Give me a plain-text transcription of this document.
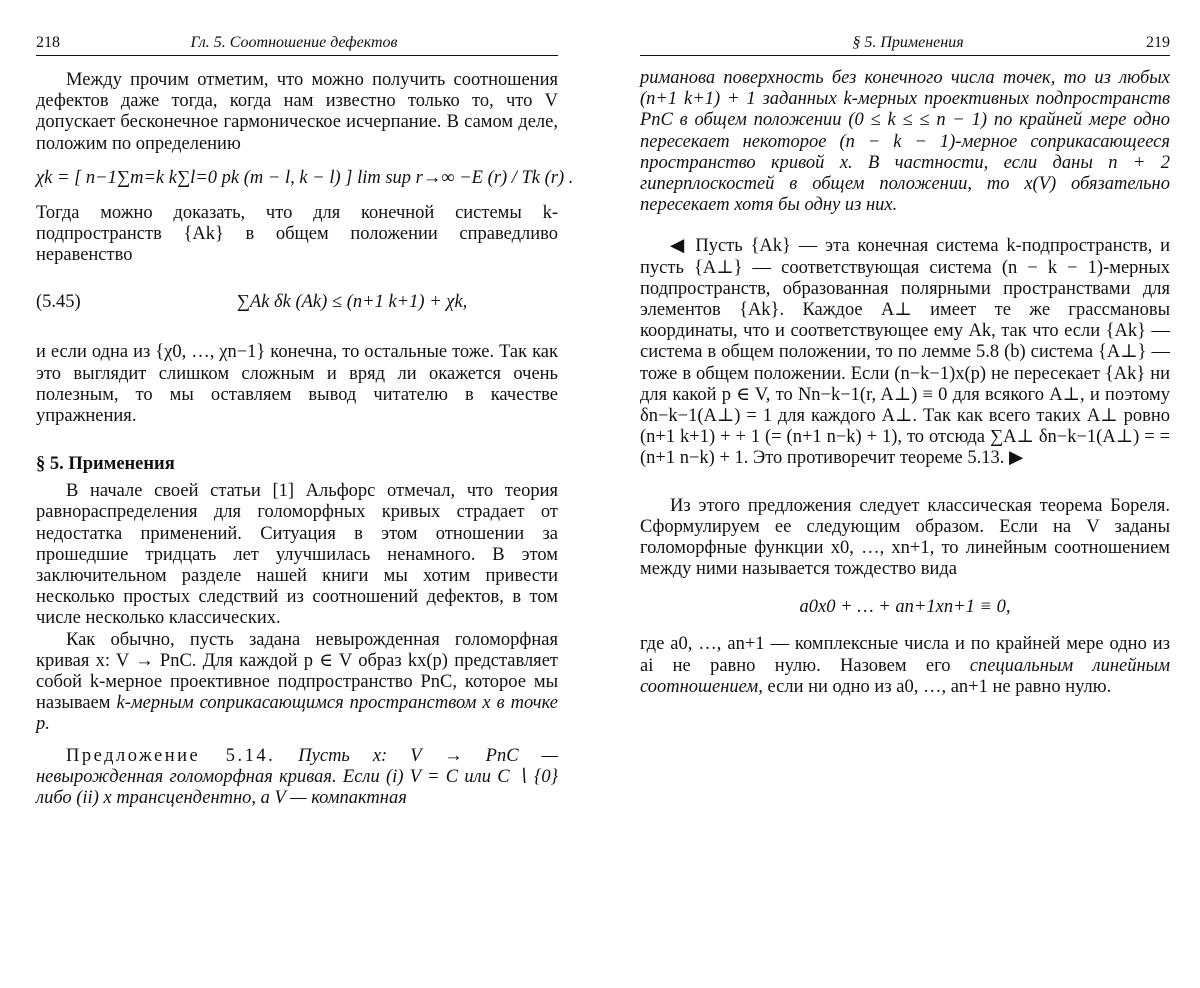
218	Гл. 5. Соотношение дефектов

Между прочим отметим, что можно получить соотношения дефектов даже тогда, когда нам известно только то, что V допускает бесконечное гармоническое исчерпание. В самом деле, положим по определению

χk = [ n−1∑m=k k∑l=0 pk (m − l, k − l) ] lim sup r→∞ −E (r) / Tk (r) .

Тогда можно доказать, что для конечной системы k-подпространств {Ak} в общем положении справедливо неравенство

(5.45)	∑Ak δk (Ak) ≤ (n+1 k+1) + χk,

и если одна из {χ0, …, χn−1} конечна, то остальные тоже. Так как это выглядит слишком сложным и вряд ли окажется очень полезным, то мы оставляем вывод читателю в качестве упражнения.

§ 5. Применения

В начале своей статьи [1] Альфорс отмечал, что теория равнораспределения для голоморфных кривых страдает от недостатка применений. Ситуация в этом отношении за прошедшие тридцать лет улучшилась ненамного. В этом заключительном разделе нашей книги мы хотим привести несколько простых следствий из соотношений дефектов, в том числе несколько классических.

Как обычно, пусть задана невырожденная голоморфная кривая x: V → PnC. Для каждой p ∈ V образ kx(p) представляет собой k-мерное проективное подпространство PnC, которое мы называем k-мерным соприкасающимся пространством x в точке p.

Предложение 5.14. Пусть x: V → PnC — невырожденная голоморфная кривая. Если (i) V = C или C ∖ {0} либо (ii) x трансцендентно, а V — компактная

§ 5. Применения	219

риманова поверхность без конечного числа точек, то из любых (n+1 k+1) + 1 заданных k-мерных проективных подпространств PnC в общем положении (0 ≤ k ≤ ≤ n − 1) по крайней мере одно пересекает некоторое (n − k − 1)-мерное соприкасающееся пространство кривой x. В частности, если даны n + 2 гиперплоскостей в общем положении, то x(V) обязательно пересекает хотя бы одну из них.

◀ Пусть {Ak} — эта конечная система k-подпространств, и пусть {A⊥} — соответствующая система (n − k − 1)-мерных подпространств, образованная полярными пространствами для элементов {Ak}. Каждое A⊥ имеет те же грассмановы координаты, что и соответствующее ему Ak, так что если {Ak} — система в общем положении, то по лемме 5.8 (b) система {A⊥} — тоже в общем положении. Если (n−k−1)x(p) не пересекает {Ak} ни для какой p ∈ V, то Nn−k−1(r, A⊥) ≡ 0 для всякого A⊥, и поэтому δn−k−1(A⊥) = 1 для каждого A⊥. Так как всего таких A⊥ ровно (n+1 k+1) + + 1 (= (n+1 n−k) + 1), то отсюда ∑A⊥ δn−k−1(A⊥) = = (n+1 n−k) + 1. Это противоречит теореме 5.13. ▶

Из этого предложения следует классическая теорема Бореля. Сформулируем ее следующим образом. Если на V заданы голоморфные функции x0, …, xn+1, то линейным соотношением между ними называется тождество вида

a0x0 + … + an+1xn+1 ≡ 0,

где a0, …, an+1 — комплексные числа и по крайней мере одно из ai не равно нулю. Назовем его специальным линейным соотношением, если ни одно из a0, …, an+1 не равно нулю.
